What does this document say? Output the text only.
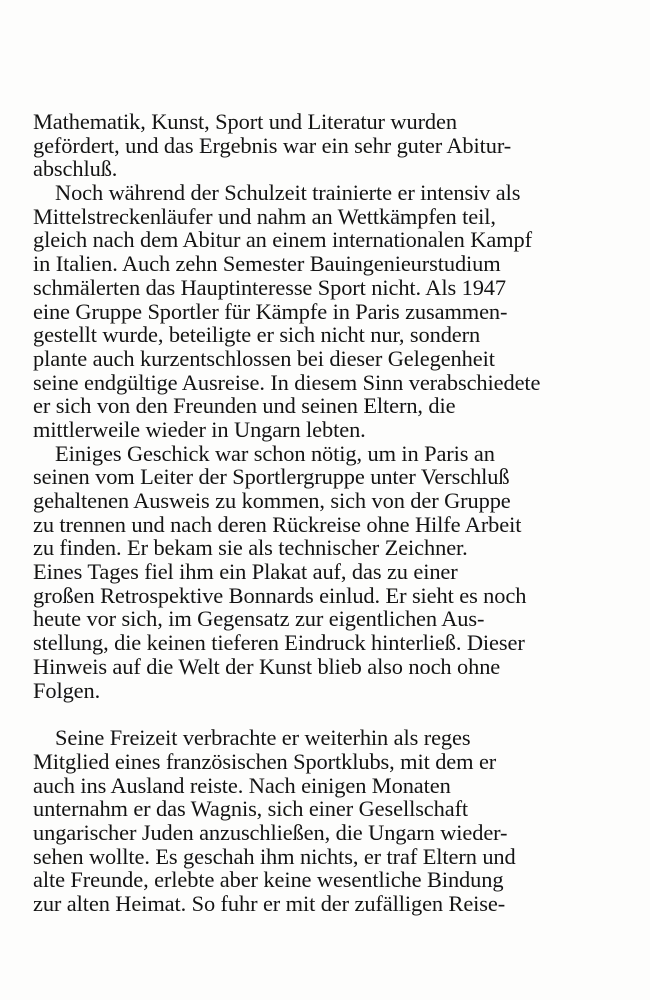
Mathematik, Kunst, Sport und Literatur wurden
gefördert, und das Ergebnis war ein sehr guter Abitur-
abschluß.

Noch während der Schulzeit trainierte er intensiv als
Mittelstreckenläufer und nahm an Wettkämpfen teil,
gleich nach dem Abitur an einem internationalen Kampf
in Italien. Auch zehn Semester Bauingenieurstudium
schmälerten das Hauptinteresse Sport nicht. Als 1947
eine Gruppe Sportler für Kämpfe in Paris zusammen-
gestellt wurde, beteiligte er sich nicht nur, sondern
plante auch kurzentschlossen bei dieser Gelegenheit
seine endgültige Ausreise. In diesem Sinn verabschiedete
er sich von den Freunden und seinen Eltern, die
mittlerweile wieder in Ungarn lebten.

Einiges Geschick war schon nötig, um in Paris an
seinen vom Leiter der Sportlergruppe unter Verschluß
gehaltenen Ausweis zu kommen, sich von der Gruppe
zu trennen und nach deren Rückreise ohne Hilfe Arbeit
zu finden. Er bekam sie als technischer Zeichner.
Eines Tages fiel ihm ein Plakat auf, das zu einer
großen Retrospektive Bonnards einlud. Er sieht es noch
heute vor sich, im Gegensatz zur eigentlichen Aus-
stellung, die keinen tieferen Eindruck hinterließ. Dieser
Hinweis auf die Welt der Kunst blieb also noch ohne
Folgen.

Seine Freizeit verbrachte er weiterhin als reges
Mitglied eines französischen Sportklubs, mit dem er
auch ins Ausland reiste. Nach einigen Monaten
unternahm er das Wagnis, sich einer Gesellschaft
ungarischer Juden anzuschließen, die Ungarn wieder-
sehen wollte. Es geschah ihm nichts, er traf Eltern und
alte Freunde, erlebte aber keine wesentliche Bindung
zur alten Heimat. So fuhr er mit der zufälligen Reise-
